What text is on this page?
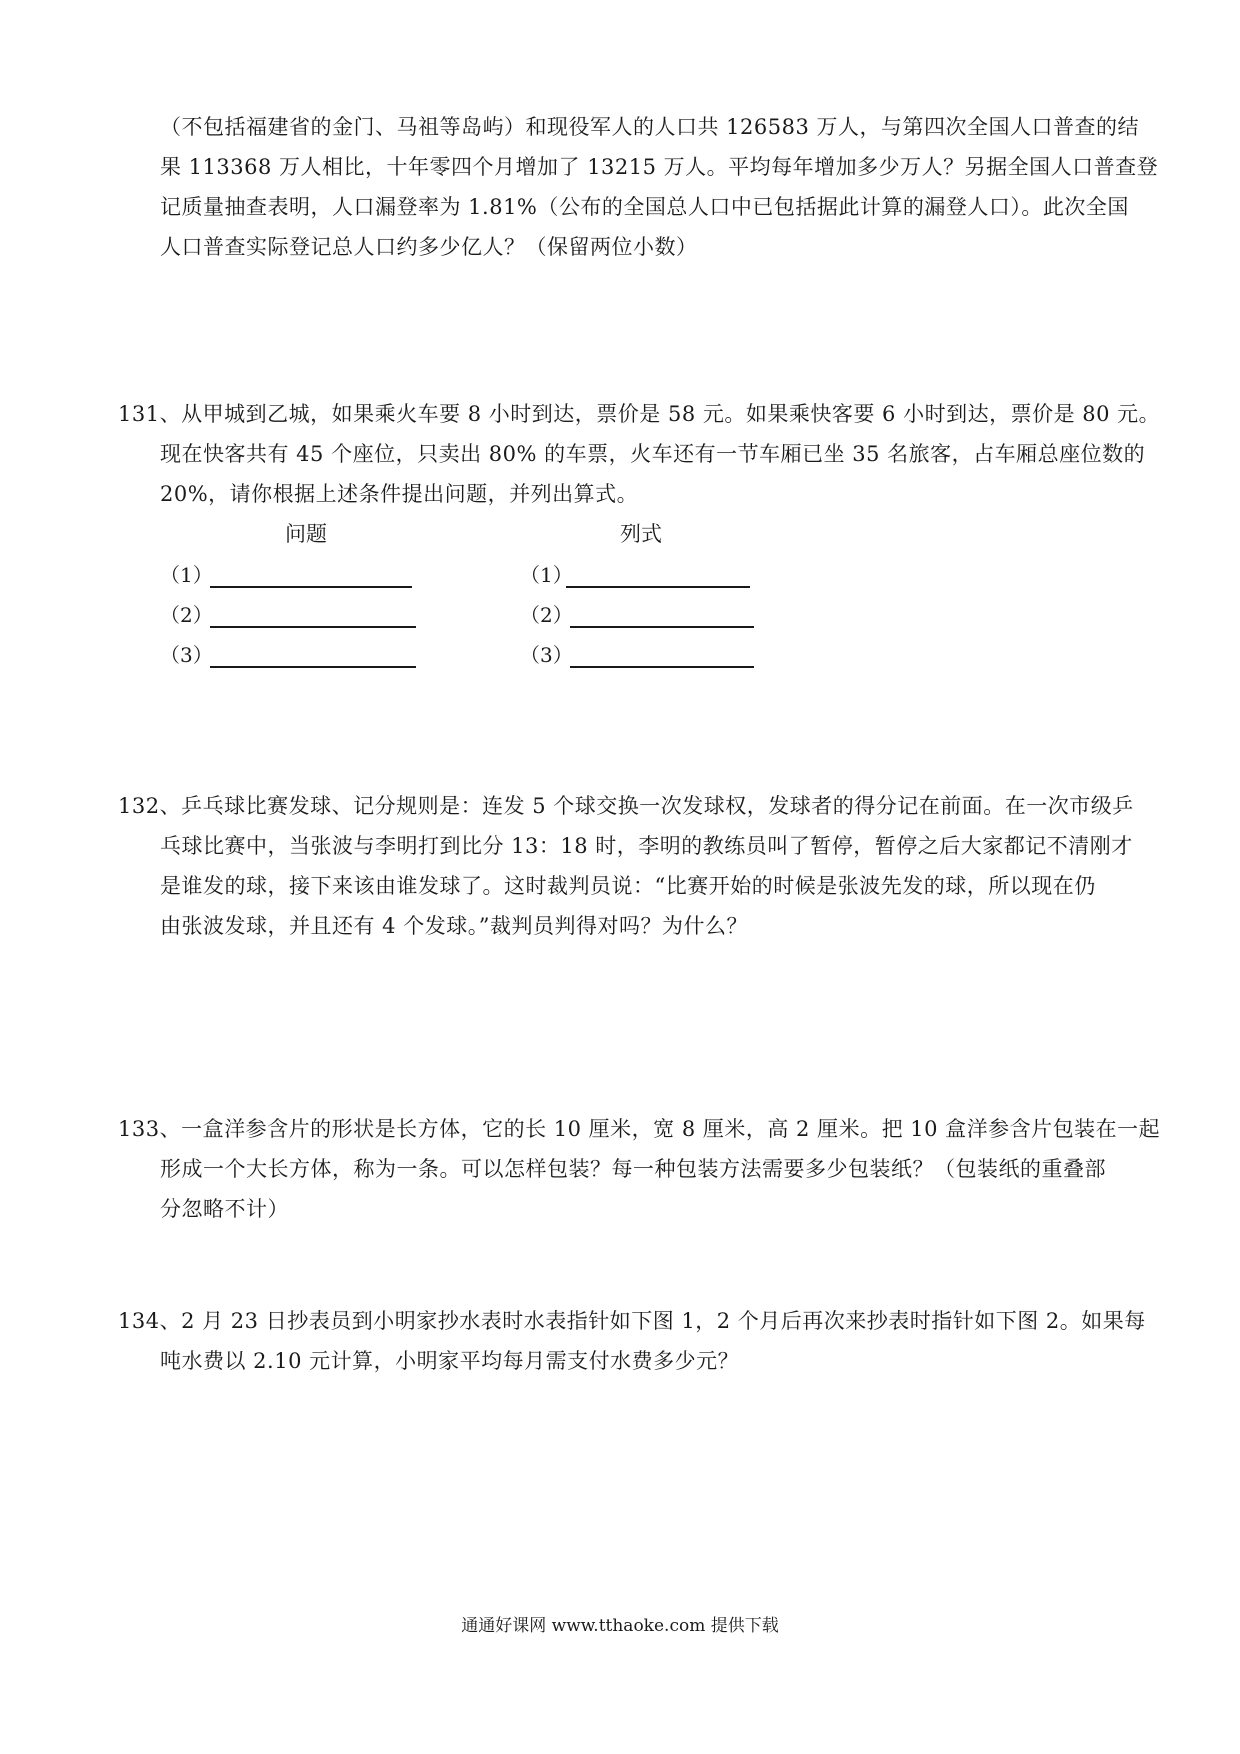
（不包括福建省的金门、马祖等岛屿）和现役军人的人口共 126583 万人，与第四次全国人口普查的结
果 113368 万人相比，十年零四个月增加了 13215 万人。平均每年增加多少万人？另据全国人口普查登
记质量抽查表明，人口漏登率为 1.81%（公布的全国总人口中已包括据此计算的漏登人口）。此次全国
人口普查实际登记总人口约多少亿人？（保留两位小数）
131、从甲城到乙城，如果乘火车要 8 小时到达，票价是 58 元。如果乘快客要 6 小时到达，票价是 80 元。
现在快客共有 45 个座位，只卖出 80% 的车票，火车还有一节车厢已坐 35 名旅客，占车厢总座位数的
20%，请你根据上述条件提出问题，并列出算式。
问题	列式
（1）	（1）
（2）	（2）
（3）	（3）
132、乒乓球比赛发球、记分规则是：连发 5 个球交换一次发球权，发球者的得分记在前面。在一次市级乒
乓球比赛中，当张波与李明打到比分 13：18 时，李明的教练员叫了暂停，暂停之后大家都记不清刚才
是谁发的球，接下来该由谁发球了。这时裁判员说：“比赛开始的时候是张波先发的球，所以现在仍
由张波发球，并且还有 4 个发球。”裁判员判得对吗？为什么？
133、一盒洋参含片的形状是长方体，它的长 10 厘米，宽 8 厘米，高 2 厘米。把 10 盒洋参含片包装在一起
形成一个大长方体，称为一条。可以怎样包装？每一种包装方法需要多少包装纸？（包装纸的重叠部
分忽略不计）
134、2 月 23 日抄表员到小明家抄水表时水表指针如下图 1，2 个月后再次来抄表时指针如下图 2。如果每
吨水费以 2.10 元计算，小明家平均每月需支付水费多少元？
通通好课网 www.tthaoke.com 提供下载
